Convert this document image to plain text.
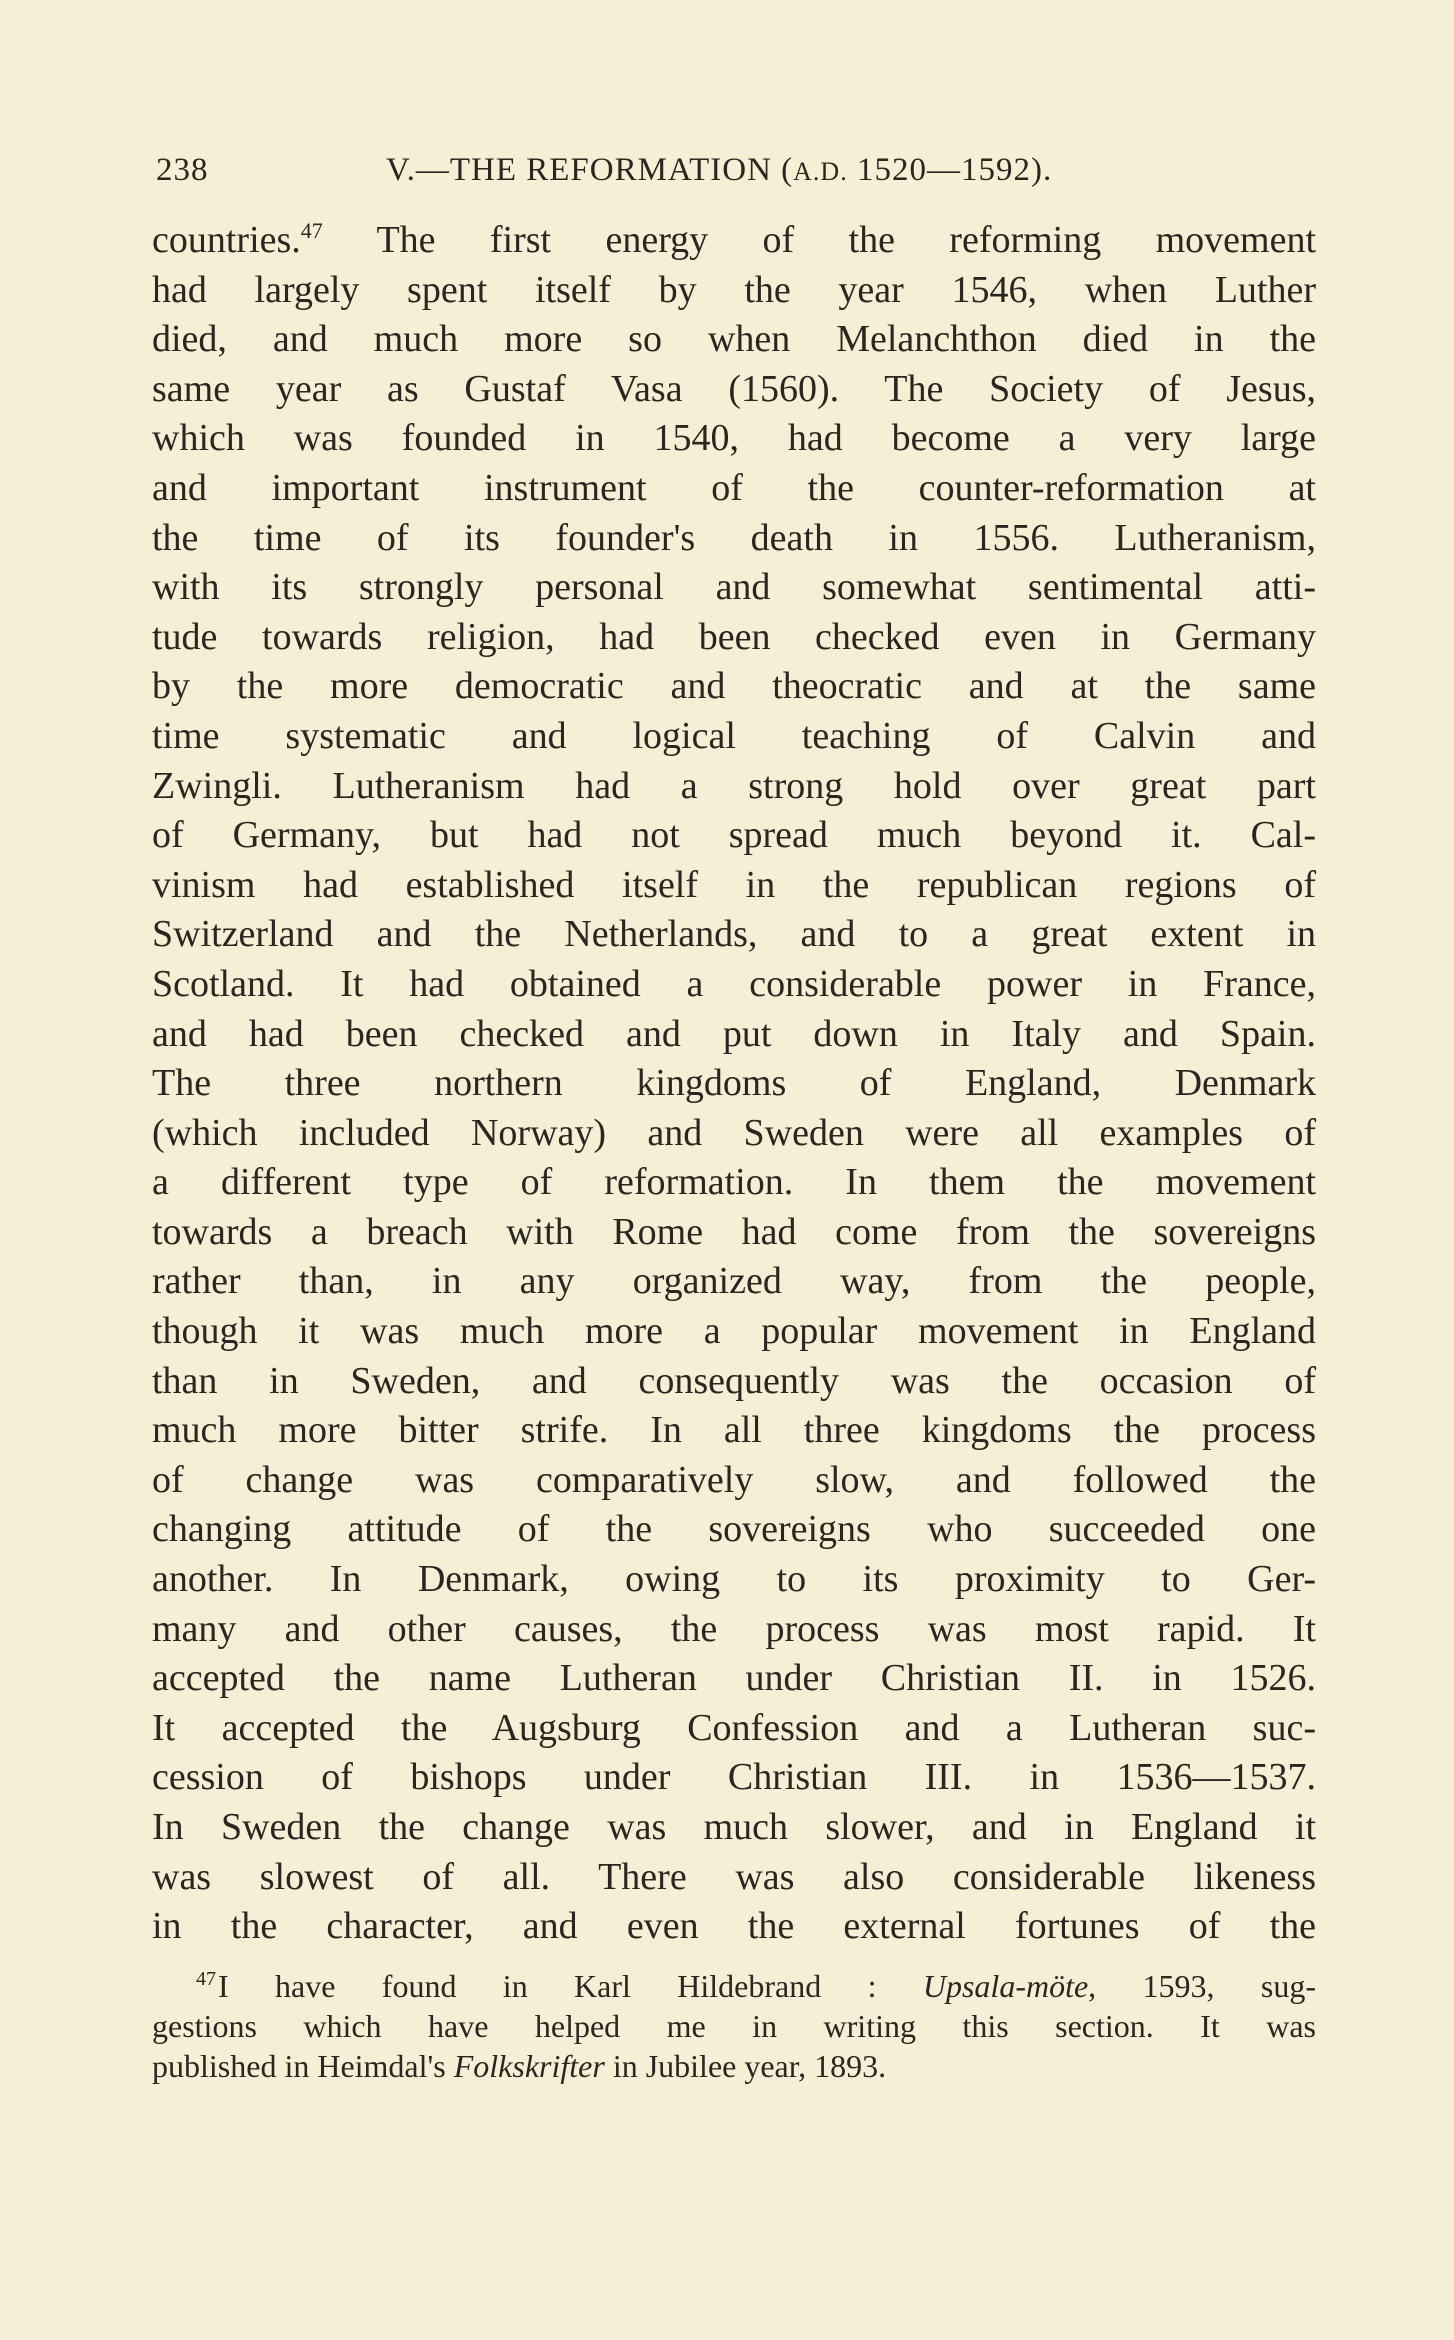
238	V.—THE REFORMATION (A.D. 1520—1592).
countries.$^{47}$ The first energy of the reforming movement
had largely spent itself by the year 1546, when Luther
died, and much more so when Melanchthon died in the
same year as Gustaf Vasa (1560). The Society of Jesus,
which was founded in 1540, had become a very large
and important instrument of the counter-reformation at
the time of its founder's death in 1556. Lutheranism,
with its strongly personal and somewhat sentimental atti-
tude towards religion, had been checked even in Germany
by the more democratic and theocratic and at the same
time systematic and logical teaching of Calvin and
Zwingli. Lutheranism had a strong hold over great part
of Germany, but had not spread much beyond it. Cal-
vinism had established itself in the republican regions of
Switzerland and the Netherlands, and to a great extent in
Scotland. It had obtained a considerable power in France,
and had been checked and put down in Italy and Spain.
The three northern kingdoms of England, Denmark
(which included Norway) and Sweden were all examples of
a different type of reformation. In them the movement
towards a breach with Rome had come from the sovereigns
rather than, in any organized way, from the people,
though it was much more a popular movement in England
than in Sweden, and consequently was the occasion of
much more bitter strife. In all three kingdoms the process
of change was comparatively slow, and followed the
changing attitude of the sovereigns who succeeded one
another. In Denmark, owing to its proximity to Ger-
many and other causes, the process was most rapid. It
accepted the name Lutheran under Christian II. in 1526.
It accepted the Augsburg Confession and a Lutheran suc-
cession of bishops under Christian III. in 1536—1537.
In Sweden the change was much slower, and in England it
was slowest of all. There was also considerable likeness
in the character, and even the external fortunes of the
$^{47}$I have found in Karl Hildebrand : Upsala-möte, 1593, sug-
gestions which have helped me in writing this section. It was
published in Heimdal's Folkskrifter in Jubilee year, 1893.
